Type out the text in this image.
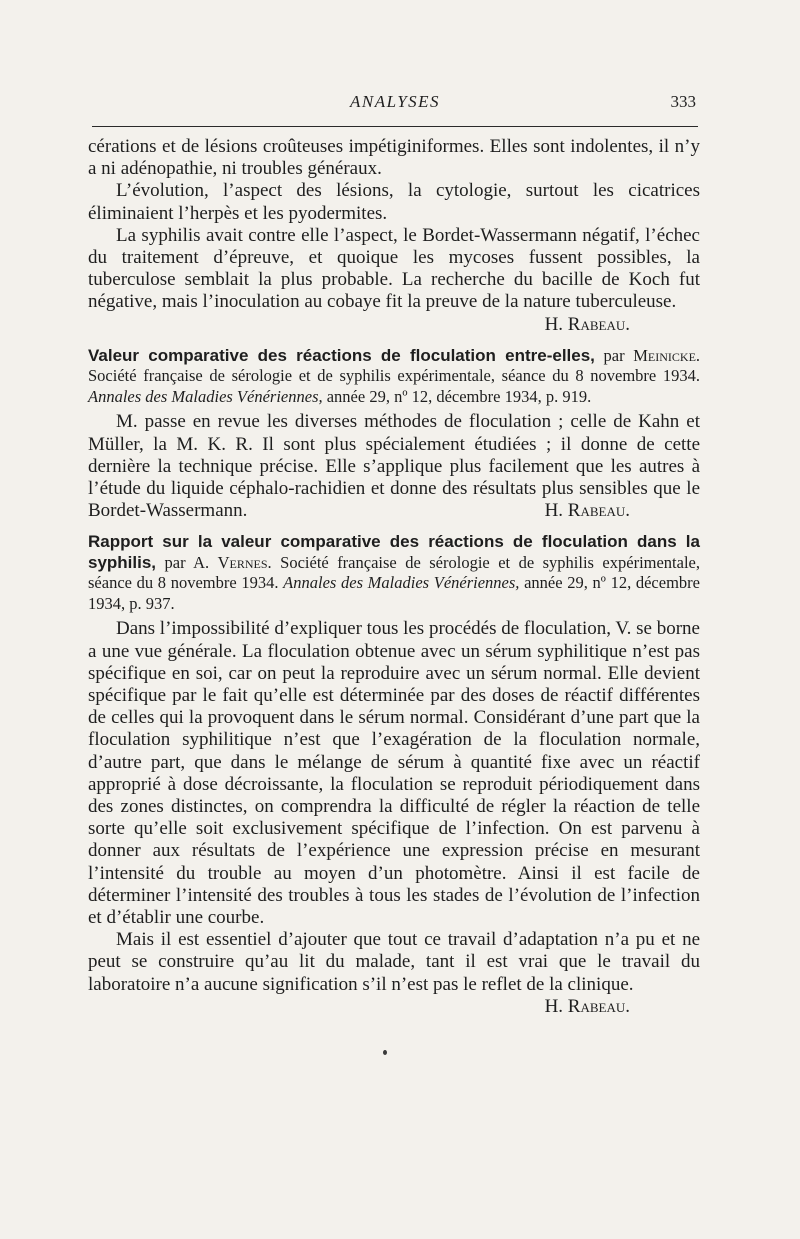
ANALYSES	333

cérations et de lésions croûteuses impétiginiformes. Elles sont indolentes, il n’y a ni adénopathie, ni troubles généraux.

L’évolution, l’aspect des lésions, la cytologie, surtout les cicatrices éliminaient l’herpès et les pyodermites.

La syphilis avait contre elle l’aspect, le Bordet-Wassermann négatif, l’échec du traitement d’épreuve, et quoique les mycoses fussent possibles, la tuberculose semblait la plus probable. La recherche du bacille de Koch fut négative, mais l’inoculation au cobaye fit la preuve de la nature tuberculeuse.
H. Rabeau.

Valeur comparative des réactions de floculation entre-elles, par Meinicke. Société française de sérologie et de syphilis expérimentale, séance du 8 novembre 1934. Annales des Maladies Vénériennes, année 29, nº 12, décembre 1934, p. 919.

M. passe en revue les diverses méthodes de floculation ; celle de Kahn et Müller, la M. K. R. Il sont plus spécialement étudiées ; il donne de cette dernière la technique précise. Elle s’applique plus facilement que les autres à l’étude du liquide céphalo-rachidien et donne des résultats plus sensibles que le Bordet-Wassermann.	H. Rabeau.

Rapport sur la valeur comparative des réactions de floculation dans la syphilis, par A. Vernes. Société française de sérologie et de syphilis expérimentale, séance du 8 novembre 1934. Annales des Maladies Vénériennes, année 29, nº 12, décembre 1934, p. 937.

Dans l’impossibilité d’expliquer tous les procédés de floculation, V. se borne a une vue générale. La floculation obtenue avec un sérum syphilitique n’est pas spécifique en soi, car on peut la reproduire avec un sérum normal. Elle devient spécifique par le fait qu’elle est déterminée par des doses de réactif différentes de celles qui la provoquent dans le sérum normal. Considérant d’une part que la floculation syphilitique n’est que l’exagération de la floculation normale, d’autre part, que dans le mélange de sérum à quantité fixe avec un réactif approprié à dose décroissante, la floculation se reproduit périodiquement dans des zones distinctes, on comprendra la difficulté de régler la réaction de telle sorte qu’elle soit exclusivement spécifique de l’infection. On est parvenu à donner aux résultats de l’expérience une expression précise en mesurant l’intensité du trouble au moyen d’un photomètre. Ainsi il est facile de déterminer l’intensité des troubles à tous les stades de l’évolution de l’infection et d’établir une courbe.

Mais il est essentiel d’ajouter que tout ce travail d’adaptation n’a pu et ne peut se construire qu’au lit du malade, tant il est vrai que le travail du laboratoire n’a aucune signification s’il n’est pas le reflet de la clinique.
H. Rabeau.
